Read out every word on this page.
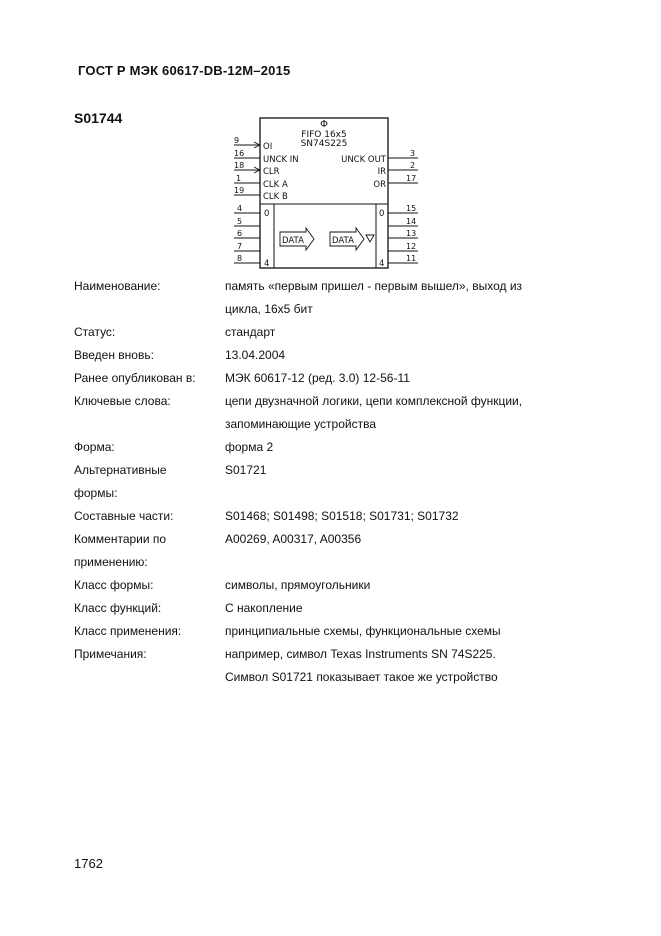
ГОСТ Р МЭК 60617-DB-12M–2015
S01744	Φ
FIFO 16x5
SN74S225
9
OI
16
UNCK IN
18
CLR
1
CLK A
19
CLK B
3
UNCK OUT
2
IR
17
OR
4
5
6
7
8
0
4
15
14
13
12
11
0
4
DATA	DATA
Наименование:	память «первым пришел - первым вышел», выход из
цикла, 16x5 бит
Статус:	стандарт
Введен вновь:	13.04.2004
Ранее опубликован в:	МЭК 60617-12 (ред. 3.0) 12-56-11
Ключевые слова:	цепи двузначной логики, цепи комплексной функции,
запоминающие устройства
Форма:	форма 2
Альтернативные
формы:
S01721
Составные части:	S01468; S01498; S01518; S01731; S01732
Комментарии по
применению:
A00269, A00317, A00356
Класс формы:	символы, прямоугольники
Класс функций:	С накопление
Класс применения:	принципиальные схемы, функциональные схемы
Примечания:	например, символ Texas Instruments SN 74S225.
Символ S01721 показывает такое же устройство
1762
